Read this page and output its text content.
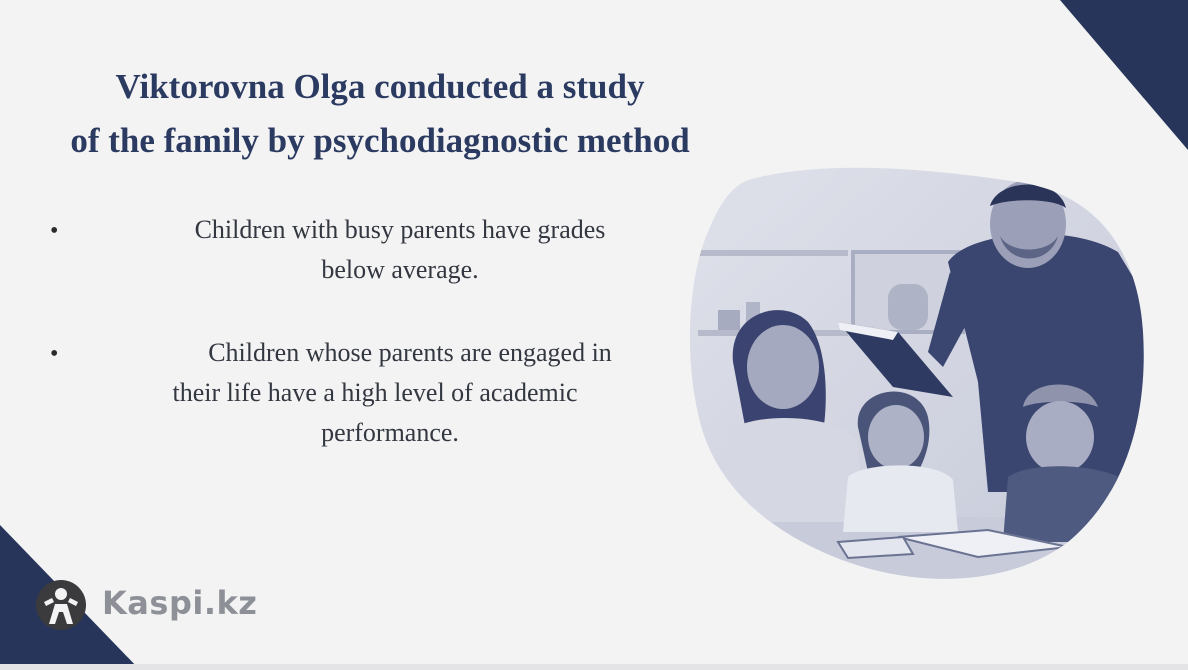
Viktorovna Olga conducted a study
of the family by psychodiagnostic method
•	Children with busy parents have grades
below average.
•	Children whose parents are engaged in
their life have a high level of academic
performance.
Kaspi.kz
